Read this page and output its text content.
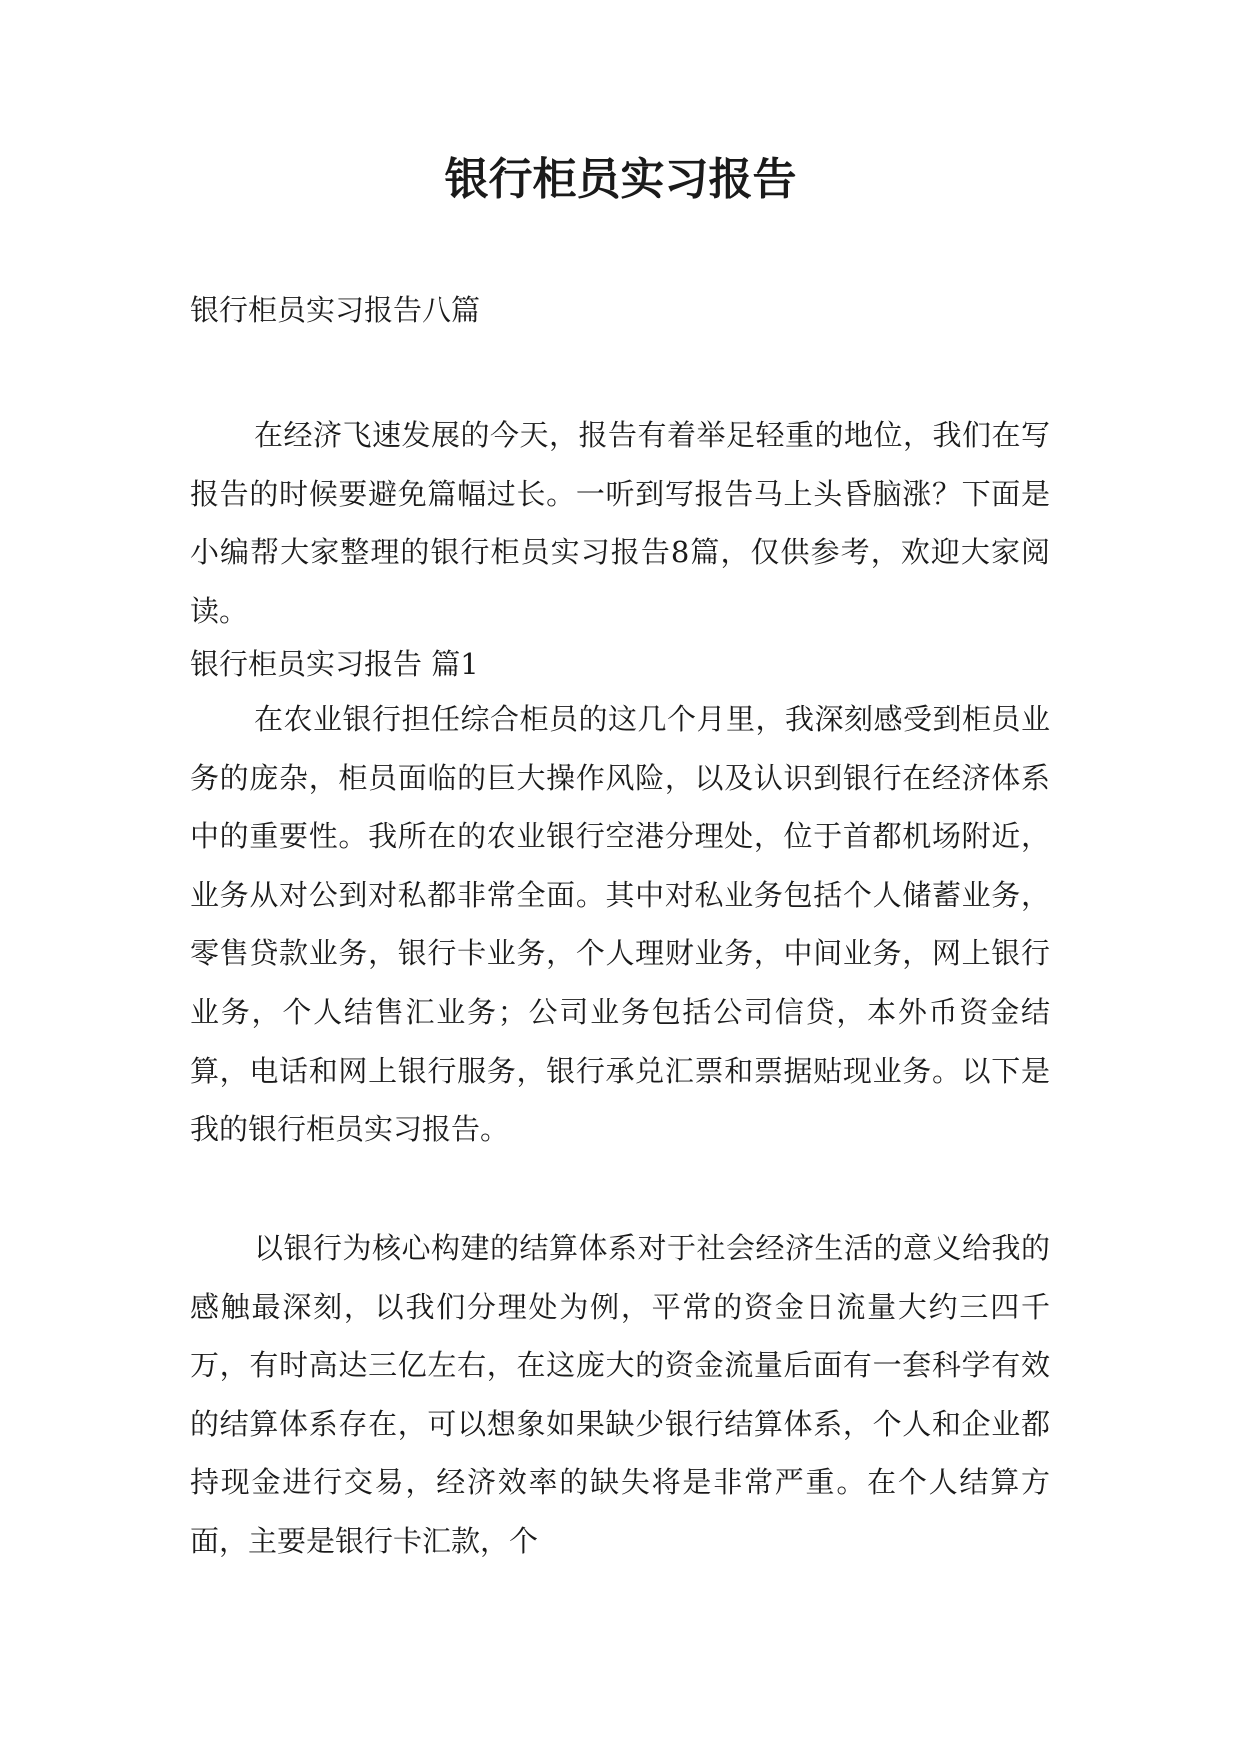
银行柜员实习报告

银行柜员实习报告八篇

在经济飞速发展的今天，报告有着举足轻重的地位，我们在写报告的时候要避免篇幅过长。一听到写报告马上头昏脑涨？下面是小编帮大家整理的银行柜员实习报告8篇，仅供参考，欢迎大家阅读。

银行柜员实习报告 篇1

在农业银行担任综合柜员的这几个月里，我深刻感受到柜员业务的庞杂，柜员面临的巨大操作风险，以及认识到银行在经济体系中的重要性。我所在的农业银行空港分理处，位于首都机场附近，业务从对公到对私都非常全面。其中对私业务包括个人储蓄业务，零售贷款业务，银行卡业务，个人理财业务，中间业务，网上银行业务，个人结售汇业务；公司业务包括公司信贷，本外币资金结算，电话和网上银行服务，银行承兑汇票和票据贴现业务。以下是我的银行柜员实习报告。

以银行为核心构建的结算体系对于社会经济生活的意义给我的感触最深刻，以我们分理处为例，平常的资金日流量大约三四千万，有时高达三亿左右，在这庞大的资金流量后面有一套科学有效的结算体系存在，可以想象如果缺少银行结算体系，个人和企业都持现金进行交易，经济效率的缺失将是非常严重。在个人结算方面，主要是银行卡汇款，个
